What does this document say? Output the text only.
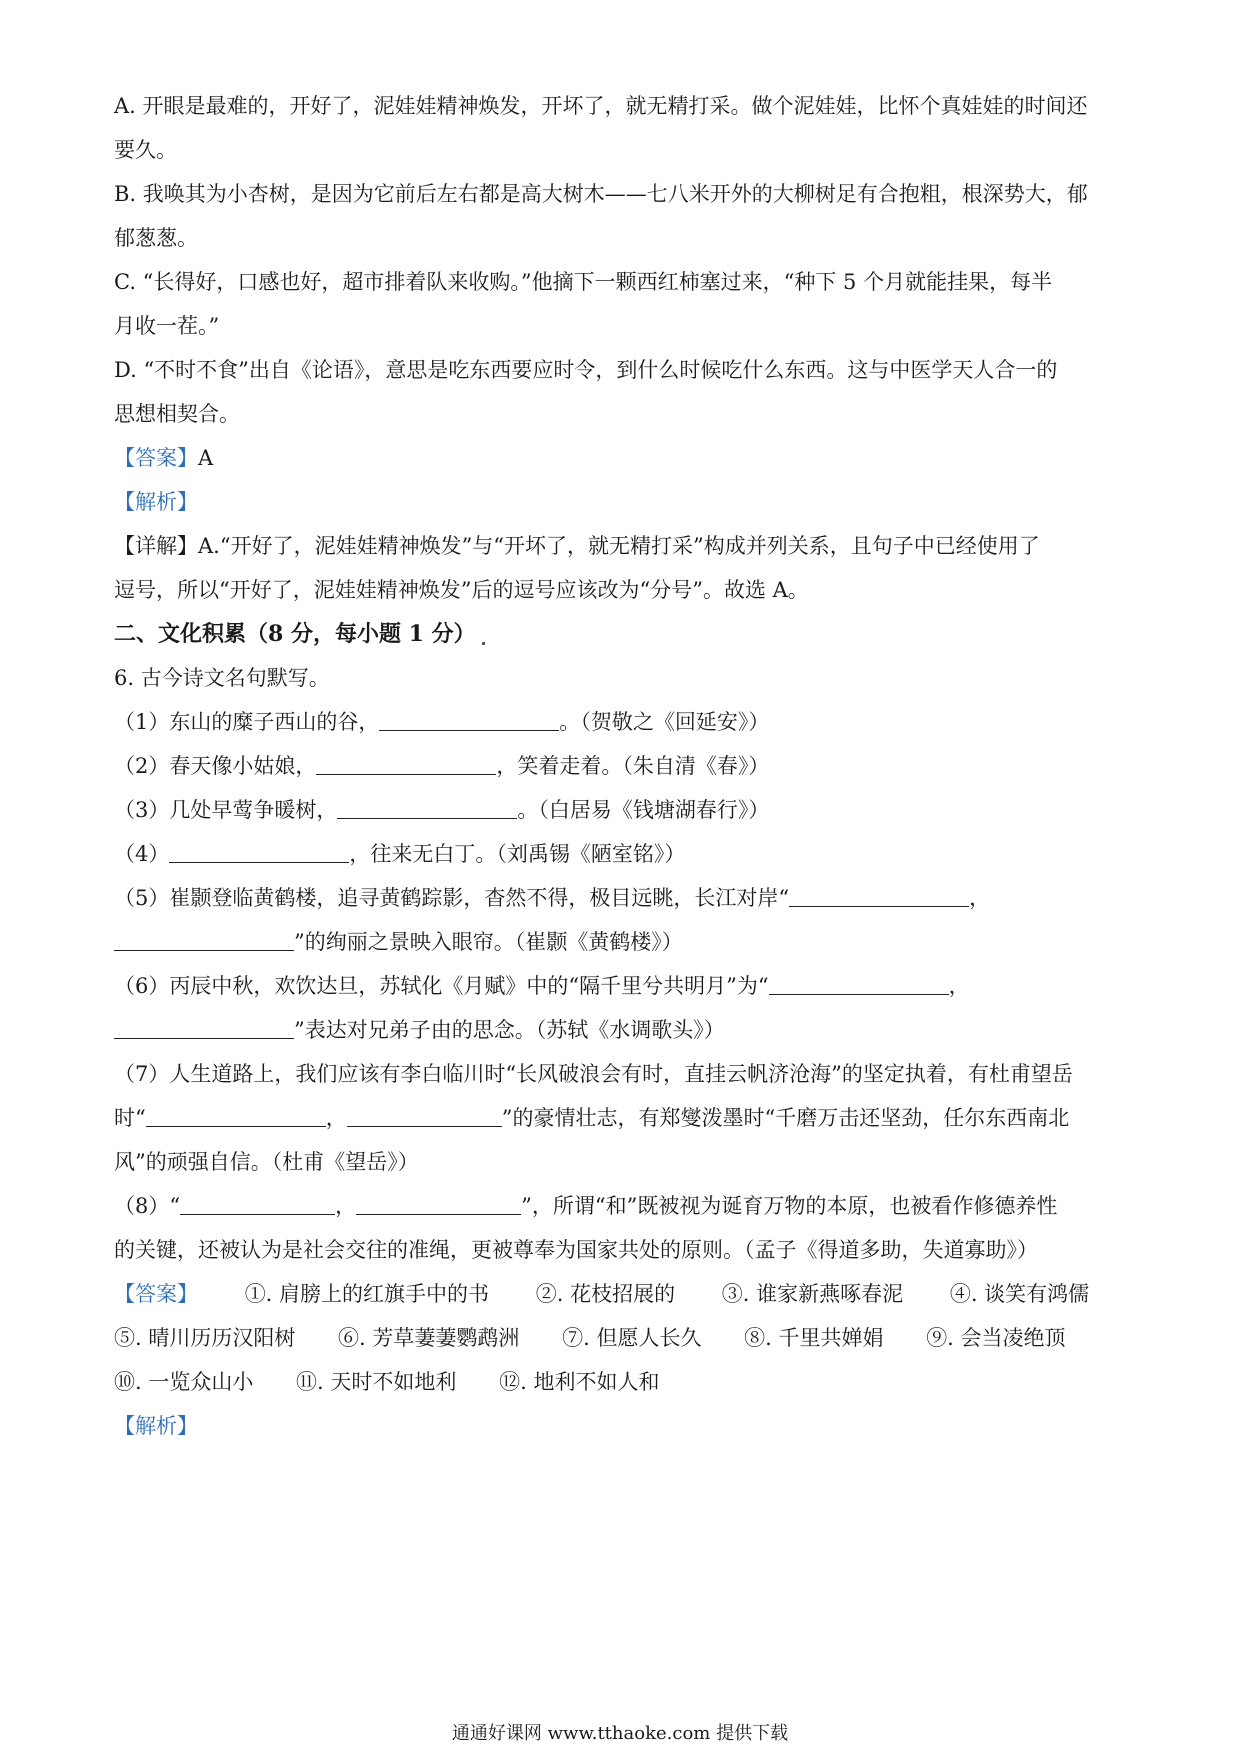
A. 开眼是最难的，开好了，泥娃娃精神焕发，开坏了，就无精打采。做个泥娃娃，比怀个真娃娃的时间还
要久。
B. 我唤其为小杏树，是因为它前后左右都是高大树木——七八米开外的大柳树足有合抱粗，根深势大，郁
郁葱葱。
C. “长得好，口感也好，超市排着队来收购。”他摘下一颗西红柿塞过来，“种下 5 个月就能挂果，每半
月收一茬。”
D. “不时不食”出自《论语》，意思是吃东西要应时令，到什么时候吃什么东西。这与中医学天人合一的
思想相契合。
【答案】A
【解析】
【详解】A.“开好了，泥娃娃精神焕发”与“开坏了，就无精打采”构成并列关系，且句子中已经使用了
逗号，所以“开好了，泥娃娃精神焕发”后的逗号应该改为“分号”。故选 A。
二、文化积累（8 分，每小题 1 分）
6. 古今诗文名句默写。
（1）东山的糜子西山的谷，	。（贺敬之《回延安》）
（2）春天像小姑娘，	，笑着走着。（朱自清《春》）
（3）几处早莺争暖树，	。（白居易《钱塘湖春行》）
（4）	，往来无白丁。（刘禹锡《陋室铭》）
（5）崔颢登临黄鹤楼，追寻黄鹤踪影，杳然不得，极目远眺，长江对岸“	，
”的绚丽之景映入眼帘。（崔颢《黄鹤楼》）
（6）丙辰中秋，欢饮达旦，苏轼化《月赋》中的“隔千里兮共明月”为“	，
”表达对兄弟子由的思念。（苏轼《水调歌头》）
（7）人生道路上，我们应该有李白临川时“长风破浪会有时，直挂云帆济沧海”的坚定执着，有杜甫望岳
时“	，	”的豪情壮志，有郑燮泼墨时“千磨万击还坚劲，任尔东西南北
风”的顽强自信。（杜甫《望岳》）
（8）“	，	”，所谓“和”既被视为诞育万物的本原，也被看作修德养性
的关键，还被认为是社会交往的准绳，更被尊奉为国家共处的原则。（孟子《得道多助，失道寡助》）
【答案】 ①. 肩膀上的红旗手中的书 ②. 花枝招展的 ③. 谁家新燕啄春泥 ④. 谈笑有鸿儒
⑤. 晴川历历汉阳树 ⑥. 芳草萋萋鹦鹉洲 ⑦. 但愿人长久 ⑧. 千里共婵娟 ⑨. 会当凌绝顶
⑩. 一览众山小 ⑪. 天时不如地利 ⑫. 地利不如人和
【解析】
通通好课网 www.tthaoke.com 提供下载
